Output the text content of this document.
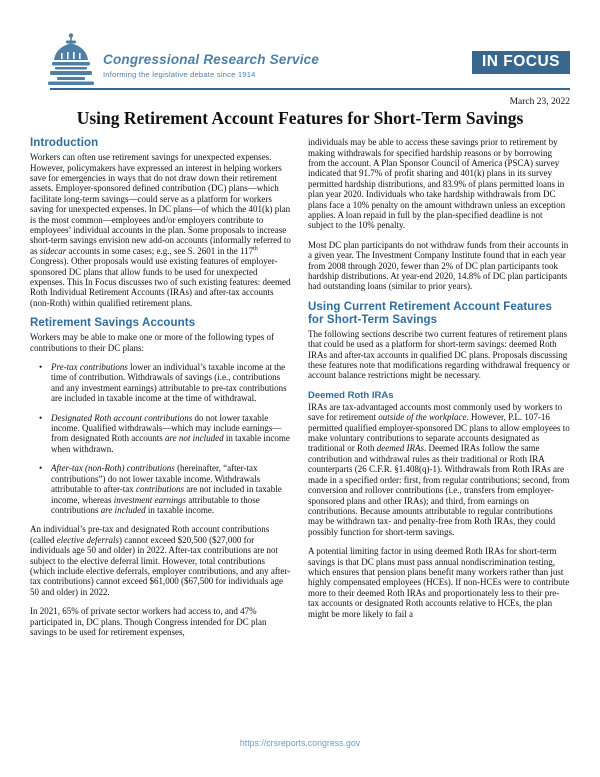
Congressional Research Service
Informing the legislative debate since 1914
IN FOCUS
March 23, 2022
Using Retirement Account Features for Short-Term Savings
Introduction

Workers can often use retirement savings for unexpected expenses. However, policymakers have expressed an interest in helping workers save for emergencies in ways that do not draw down their retirement assets. Employer-sponsored defined contribution (DC) plans—which facilitate long-term savings—could serve as a platform for workers saving for unexpected expenses. In DC plans—of which the 401(k) plan is the most common—employees and/or employers contribute to employees’ individual accounts in the plan. Some proposals to increase short-term savings envision new add-on accounts (informally referred to as sidecar accounts in some cases; e.g., see S. 2601 in the 117th Congress). Other proposals would use existing features of employer-sponsored DC plans that allow funds to be used for unexpected expenses. This In Focus discusses two of such existing features: deemed Roth Individual Retirement Accounts (IRAs) and after-tax accounts (non-Roth) within qualified retirement plans.

Retirement Savings Accounts

Workers may be able to make one or more of the following types of contributions to their DC plans:

• Pre-tax contributions lower an individual’s taxable income at the time of contribution. Withdrawals of savings (i.e., contributions and any investment earnings) attributable to pre-tax contributions are included in taxable income at the time of withdrawal.
• Designated Roth account contributions do not lower taxable income. Qualified withdrawals—which may include earnings—from designated Roth accounts are not included in taxable income when withdrawn.
• After-tax (non-Roth) contributions (hereinafter, “after-tax contributions”) do not lower taxable income. Withdrawals attributable to after-tax contributions are not included in taxable income, whereas investment earnings attributable to those contributions are included in taxable income.

An individual’s pre-tax and designated Roth account contributions (called elective deferrals) cannot exceed $20,500 ($27,000 for individuals age 50 and older) in 2022. After-tax contributions are not subject to the elective deferral limit. However, total contributions (which include elective deferrals, employer contributions, and any after-tax contributions) cannot exceed $61,000 ($67,500 for individuals age 50 and older) in 2022.

In 2021, 65% of private sector workers had access to, and 47% participated in, DC plans. Though Congress intended for DC plan savings to be used for retirement expenses,

individuals may be able to access these savings prior to retirement by making withdrawals for specified hardship reasons or by borrowing from the account. A Plan Sponsor Council of America (PSCA) survey indicated that 91.7% of profit sharing and 401(k) plans in its survey permitted hardship distributions, and 83.9% of plans permitted loans in plan year 2020. Individuals who take hardship withdrawals from DC plans face a 10% penalty on the amount withdrawn unless an exception applies. A loan repaid in full by the plan-specified deadline is not subject to the 10% penalty.

Most DC plan participants do not withdraw funds from their accounts in a given year. The Investment Company Institute found that in each year from 2008 through 2020, fewer than 2% of DC plan participants took hardship distributions. At year-end 2020, 14.8% of DC plan participants had outstanding loans (similar to prior years).

Using Current Retirement Account Features for Short-Term Savings

The following sections describe two current features of retirement plans that could be used as a platform for short-term savings: deemed Roth IRAs and after-tax accounts in qualified DC plans. Proposals discussing these features note that modifications regarding withdrawal frequency or account balance restrictions might be necessary.

Deemed Roth IRAs

IRAs are tax-advantaged accounts most commonly used by workers to save for retirement outside of the workplace. However, P.L. 107-16 permitted qualified employer-sponsored DC plans to allow employees to make voluntary contributions to separate accounts designated as traditional or Roth deemed IRAs. Deemed IRAs follow the same contribution and withdrawal rules as their traditional or Roth IRA counterparts (26 C.F.R. §1.408(q)-1). Withdrawals from Roth IRAs are made in a specified order: first, from regular contributions; second, from conversion and rollover contributions (i.e., transfers from employer-sponsored plans and other IRAs); and third, from earnings on contributions. Because amounts attributable to regular contributions may be withdrawn tax- and penalty-free from Roth IRAs, they could possibly function for short-term savings.

A potential limiting factor in using deemed Roth IRAs for short-term savings is that DC plans must pass annual nondiscrimination testing, which ensures that pension plans benefit many workers rather than just highly compensated employees (HCEs). If non-HCEs were to contribute more to their deemed Roth IRAs and proportionately less to their pre-tax accounts or designated Roth accounts relative to HCEs, the plan might be more likely to fail a

https://crsreports.congress.gov
